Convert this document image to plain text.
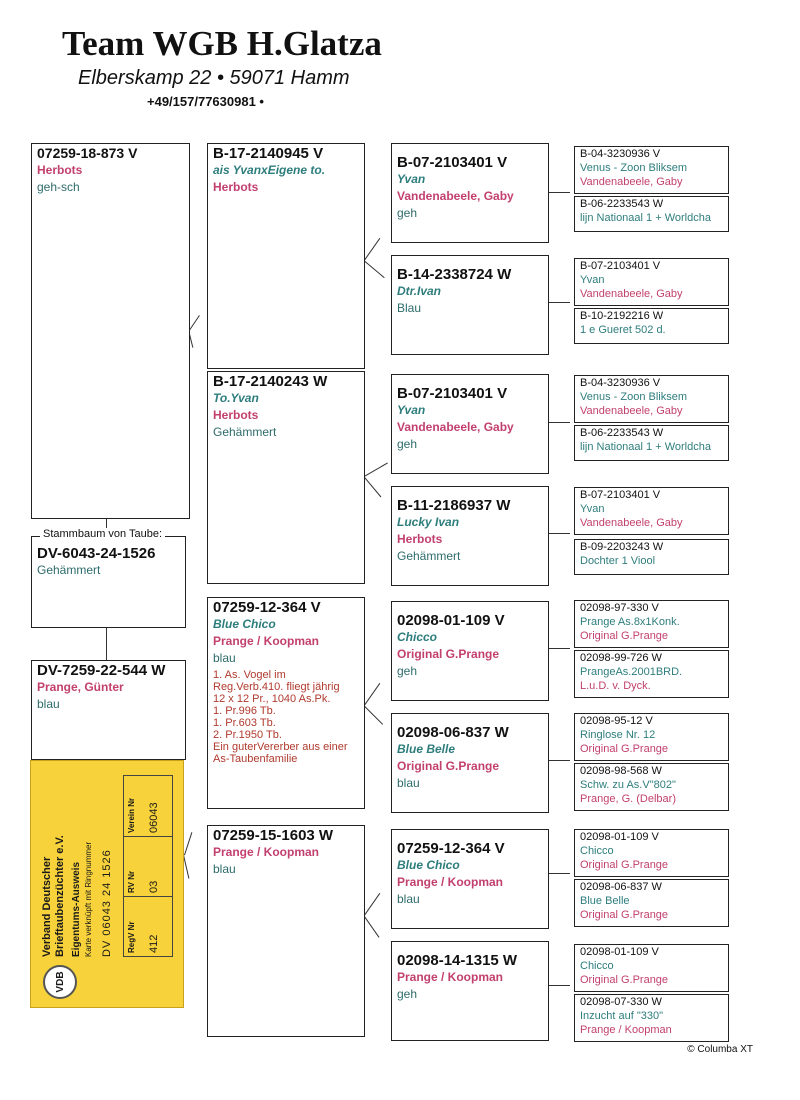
Team WGB H.Glatza
Elberskamp 22 • 59071 Hamm
+49/157/77630981 •
07259-18-873 V
Herbots
geh-sch
DV-6043-24-1526
Gehämmert
Stammbaum von Taube:
DV-7259-22-544 W
Prange, Günter
blau
VDB
Verband Deutscher Brieftaubenzüchter e.V. Eigentums-Ausweis Karte verknüpft mit Ringnummer DV 06043 24 1526 RegV Nr 412
RV Nr 03
Verein Nr 06043
B-17-2140945 V
ais YvanxEigene to.
Herbots
B-17-2140243 W
To.Yvan
Herbots
Gehämmert
07259-12-364 V
Blue Chico
Prange / Koopman
blau
1. As. Vogel im
Reg.Verb.410. fliegt jährig
12 x 12 Pr., 1040 As.Pk.
1. Pr.996 Tb.
1. Pr.603 Tb.
2. Pr.1950 Tb.
Ein guterVererber aus einer
As-Taubenfamilie
07259-15-1603 W
Prange / Koopman
blau
B-07-2103401 V
Yvan
Vandenabeele, Gaby
geh
B-14-2338724 W
Dtr.Ivan
Blau
B-07-2103401 V
Yvan
Vandenabeele, Gaby
geh
B-11-2186937 W
Lucky Ivan
Herbots
Gehämmert
02098-01-109 V
Chicco
Original G.Prange
geh
02098-06-837 W
Blue Belle
Original G.Prange
blau
07259-12-364 V
Blue Chico
Prange / Koopman
blau
02098-14-1315 W
Prange / Koopman
geh
B-04-3230936 V
Venus - Zoon Bliksem
Vandenabeele, Gaby
B-06-2233543 W
lijn Nationaal 1 + Worldcha
B-07-2103401 V
Yvan
Vandenabeele, Gaby
B-10-2192216 W
1 e Gueret 502 d.
B-04-3230936 V
Venus - Zoon Bliksem
Vandenabeele, Gaby
B-06-2233543 W
lijn Nationaal 1 + Worldcha
B-07-2103401 V
Yvan
Vandenabeele, Gaby
B-09-2203243 W
Dochter 1 Viool
02098-97-330 V
Prange As.8x1Konk.
Original G.Prange
02098-99-726 W
PrangeAs.2001BRD.
L.u.D. v. Dyck.
02098-95-12 V
Ringlose Nr. 12
Original G.Prange
02098-98-568 W
Schw. zu As.V"802"
Prange, G. (Delbar)
02098-01-109 V
Chicco
Original G.Prange
02098-06-837 W
Blue Belle
Original G.Prange
02098-01-109 V
Chicco
Original G.Prange
02098-07-330 W
Inzucht auf "330"
Prange / Koopman
© Columba XT
